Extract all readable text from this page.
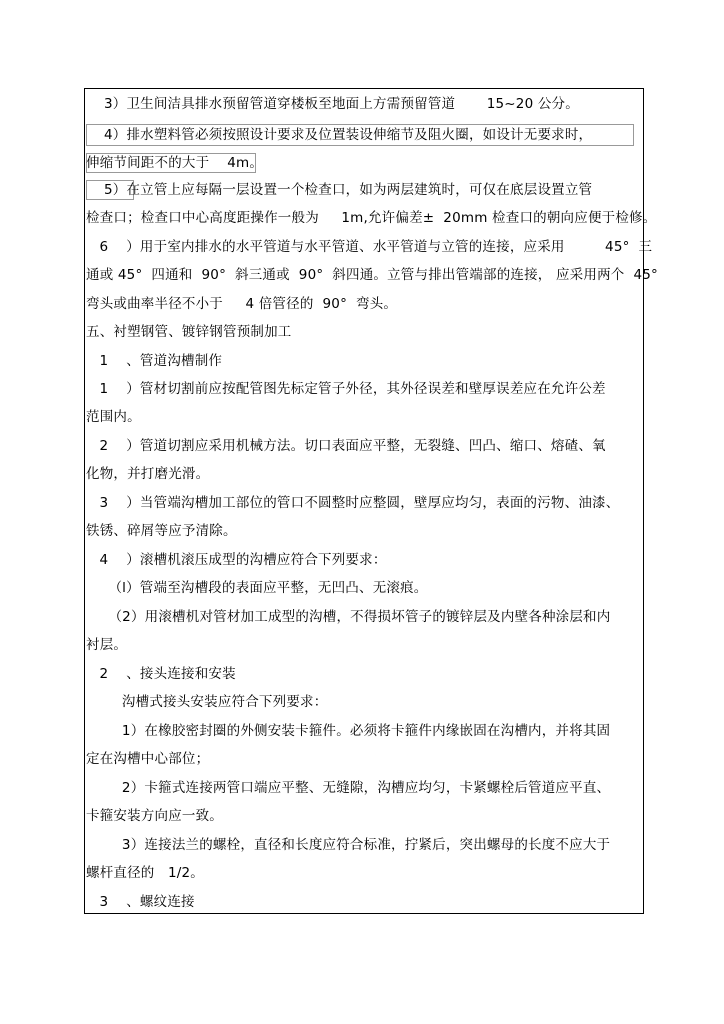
3）卫生间洁具排水预留管道穿楼板至地面上方需预留管道       15~20 公分。
4）排水塑料管必须按照设计要求及位置装设伸缩节及阻火圈，如设计无要求时，
伸缩节间距不的大于    4m。
5）在立管上应每隔一层设置一个检查口，如为两层建筑时，可仅在底层设置立管
检查口；检查口中心高度距操作一般为     1m,允许偏差±  20mm 检查口的朝向应便于检修。
6    ）用于室内排水的水平管道与水平管道、水平管道与立管的连接，应采用         45°  三
通或 45°  四通和  90°  斜三通或  90°  斜四通。立管与排出管端部的连接， 应采用两个  45°
弯头或曲率半径不小于     4 倍管径的  90°  弯头。
五、衬塑钢管、镀锌钢管预制加工
1    、管道沟槽制作
1    ）管材切割前应按配管图先标定管子外径，其外径误差和壁厚误差应在允许公差
范围内。
2    ）管道切割应采用机械方法。切口表面应平整，无裂缝、凹凸、缩口、熔碴、氧
化物，并打磨光滑。
3    ）当管端沟槽加工部位的管口不圆整时应整圆，壁厚应均匀，表面的污物、油漆、
铁锈、碎屑等应予清除。
4    ）滚槽机滚压成型的沟槽应符合下列要求：
（l）管端至沟槽段的表面应平整，无凹凸、无滚痕。
（2）用滚槽机对管材加工成型的沟槽，不得损坏管子的镀锌层及内壁各种涂层和内
衬层。
2    、接头连接和安装
沟槽式接头安装应符合下列要求：
1）在橡胶密封圈的外侧安装卡箍件。必须将卡箍件内缘嵌固在沟槽内，并将其固
定在沟槽中心部位；
2）卡箍式连接两管口端应平整、无缝隙，沟槽应均匀，卡紧螺栓后管道应平直、
卡箍安装方向应一致。
3）连接法兰的螺栓，直径和长度应符合标准，拧紧后，突出螺母的长度不应大于
螺杆直径的   1/2。
3    、螺纹连接
